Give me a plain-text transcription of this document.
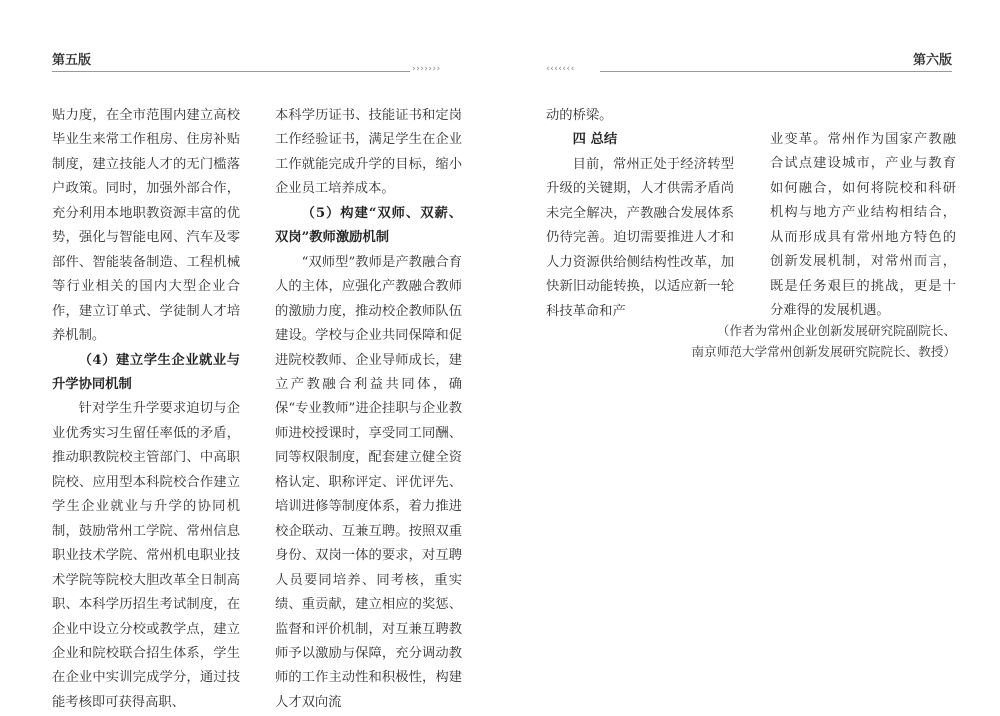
第五版
›››››››
第六版
‹‹‹‹‹‹‹

贴力度，在全市范围内建立高校毕业生来常工作租房、住房补贴制度，建立技能人才的无门槛落户政策。同时，加强外部合作，充分利用本地职教资源丰富的优势，强化与智能电网、汽车及零部件、智能装备制造、工程机械等行业相关的国内大型企业合作，建立订单式、学徒制人才培养机制。

（4）建立学生企业就业与升学协同机制

针对学生升学要求迫切与企业优秀实习生留任率低的矛盾，推动职教院校主管部门、中高职院校、应用型本科院校合作建立学生企业就业与升学的协同机制，鼓励常州工学院、常州信息职业技术学院、常州机电职业技术学院等院校大胆改革全日制高职、本科学历招生考试制度，在企业中设立分校或教学点，建立企业和院校联合招生体系，学生在企业中实训完成学分，通过技能考核即可获得高职、

本科学历证书、技能证书和定岗工作经验证书，满足学生在企业工作就能完成升学的目标，缩小企业员工培养成本。

（5）构建“双师、双薪、双岗”教师激励机制

“双师型”教师是产教融合育人的主体，应强化产教融合教师的激励力度，推动校企教师队伍建设。学校与企业共同保障和促进院校教师、企业导师成长，建立产教融合利益共同体，确保“专业教师”进企挂职与企业教师进校授课时，享受同工同酬、同等权限制度，配套建立健全资格认定、职称评定、评优评先、培训进修等制度体系，着力推进校企联动、互兼互聘。按照双重身份、双岗一体的要求，对互聘人员要同培养、同考核，重实绩、重贡献，建立相应的奖惩、监督和评价机制，对互兼互聘教师予以激励与保障，充分调动教师的工作主动性和积极性，构建人才双向流

动的桥梁。

四 总结

目前，常州正处于经济转型升级的关键期，人才供需矛盾尚未完全解决，产教融合发展体系仍待完善。迫切需要推进人才和人力资源供给侧结构性改革，加快新旧动能转换，以适应新一轮科技革命和产

业变革。常州作为国家产教融合试点建设城市，产业与教育如何融合，如何将院校和科研机构与地方产业结构相结合，从而形成具有常州地方特色的创新发展机制，对常州而言，既是任务艰巨的挑战，更是十分难得的发展机遇。

（作者为常州企业创新发展研究院副院长、
南京师范大学常州创新发展研究院院长、教授）
